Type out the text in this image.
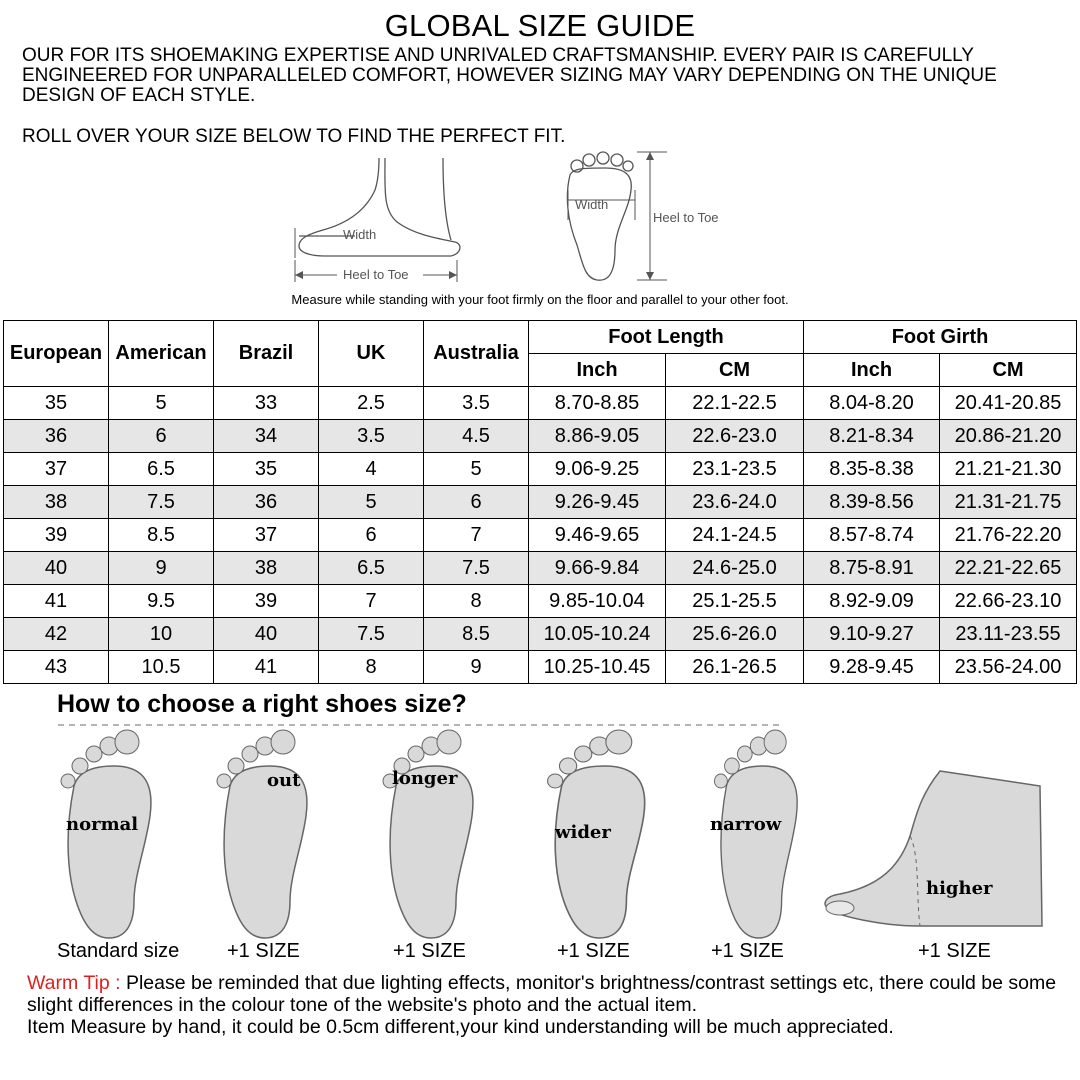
GLOBAL SIZE GUIDE
OUR FOR ITS SHOEMAKING EXPERTISE AND UNRIVALED CRAFTSMANSHIP. EVERY PAIR IS CAREFULLY ENGINEERED FOR UNPARALLELED COMFORT, HOWEVER SIZING MAY VARY DEPENDING ON THE UNIQUE DESIGN OF EACH STYLE.
ROLL OVER YOUR SIZE BELOW TO FIND THE PERFECT FIT.
Width
Heel to Toe
Width
Heel to Toe
Measure while standing with your foot firmly on the floor and parallel to your other foot.
European	American	Brazil	UK	Australia	Foot Length		Foot Girth	
					Inch	CM	Inch	CM
35	5	33	2.5	3.5	8.70-8.85	22.1-22.5	8.04-8.20	20.41-20.85
36	6	34	3.5	4.5	8.86-9.05	22.6-23.0	8.21-8.34	20.86-21.20
37	6.5	35	4	5	9.06-9.25	23.1-23.5	8.35-8.38	21.21-21.30
38	7.5	36	5	6	9.26-9.45	23.6-24.0	8.39-8.56	21.31-21.75
39	8.5	37	6	7	9.46-9.65	24.1-24.5	8.57-8.74	21.76-22.20
40	9	38	6.5	7.5	9.66-9.84	24.6-25.0	8.75-8.91	22.21-22.65
41	9.5	39	7	8	9.85-10.04	25.1-25.5	8.92-9.09	22.66-23.10
42	10	40	7.5	8.5	10.05-10.24	25.6-26.0	9.10-9.27	23.11-23.55
43	10.5	41	8	9	10.25-10.45	26.1-26.5	9.28-9.45	23.56-24.00
How to choose a right shoes size?
normal
out	longer
wider	narrow
higher
Standard size +1 SIZE	+1 SIZE	+1 SIZE	+1 SIZE	+1 SIZE
Warm Tip : Please be reminded that due lighting effects, monitor's brightness/contrast settings etc, there could be some slight differences in the colour tone of the website's photo and the actual item.
Item Measure by hand, it could be 0.5cm different,your kind understanding will be much appreciated.
